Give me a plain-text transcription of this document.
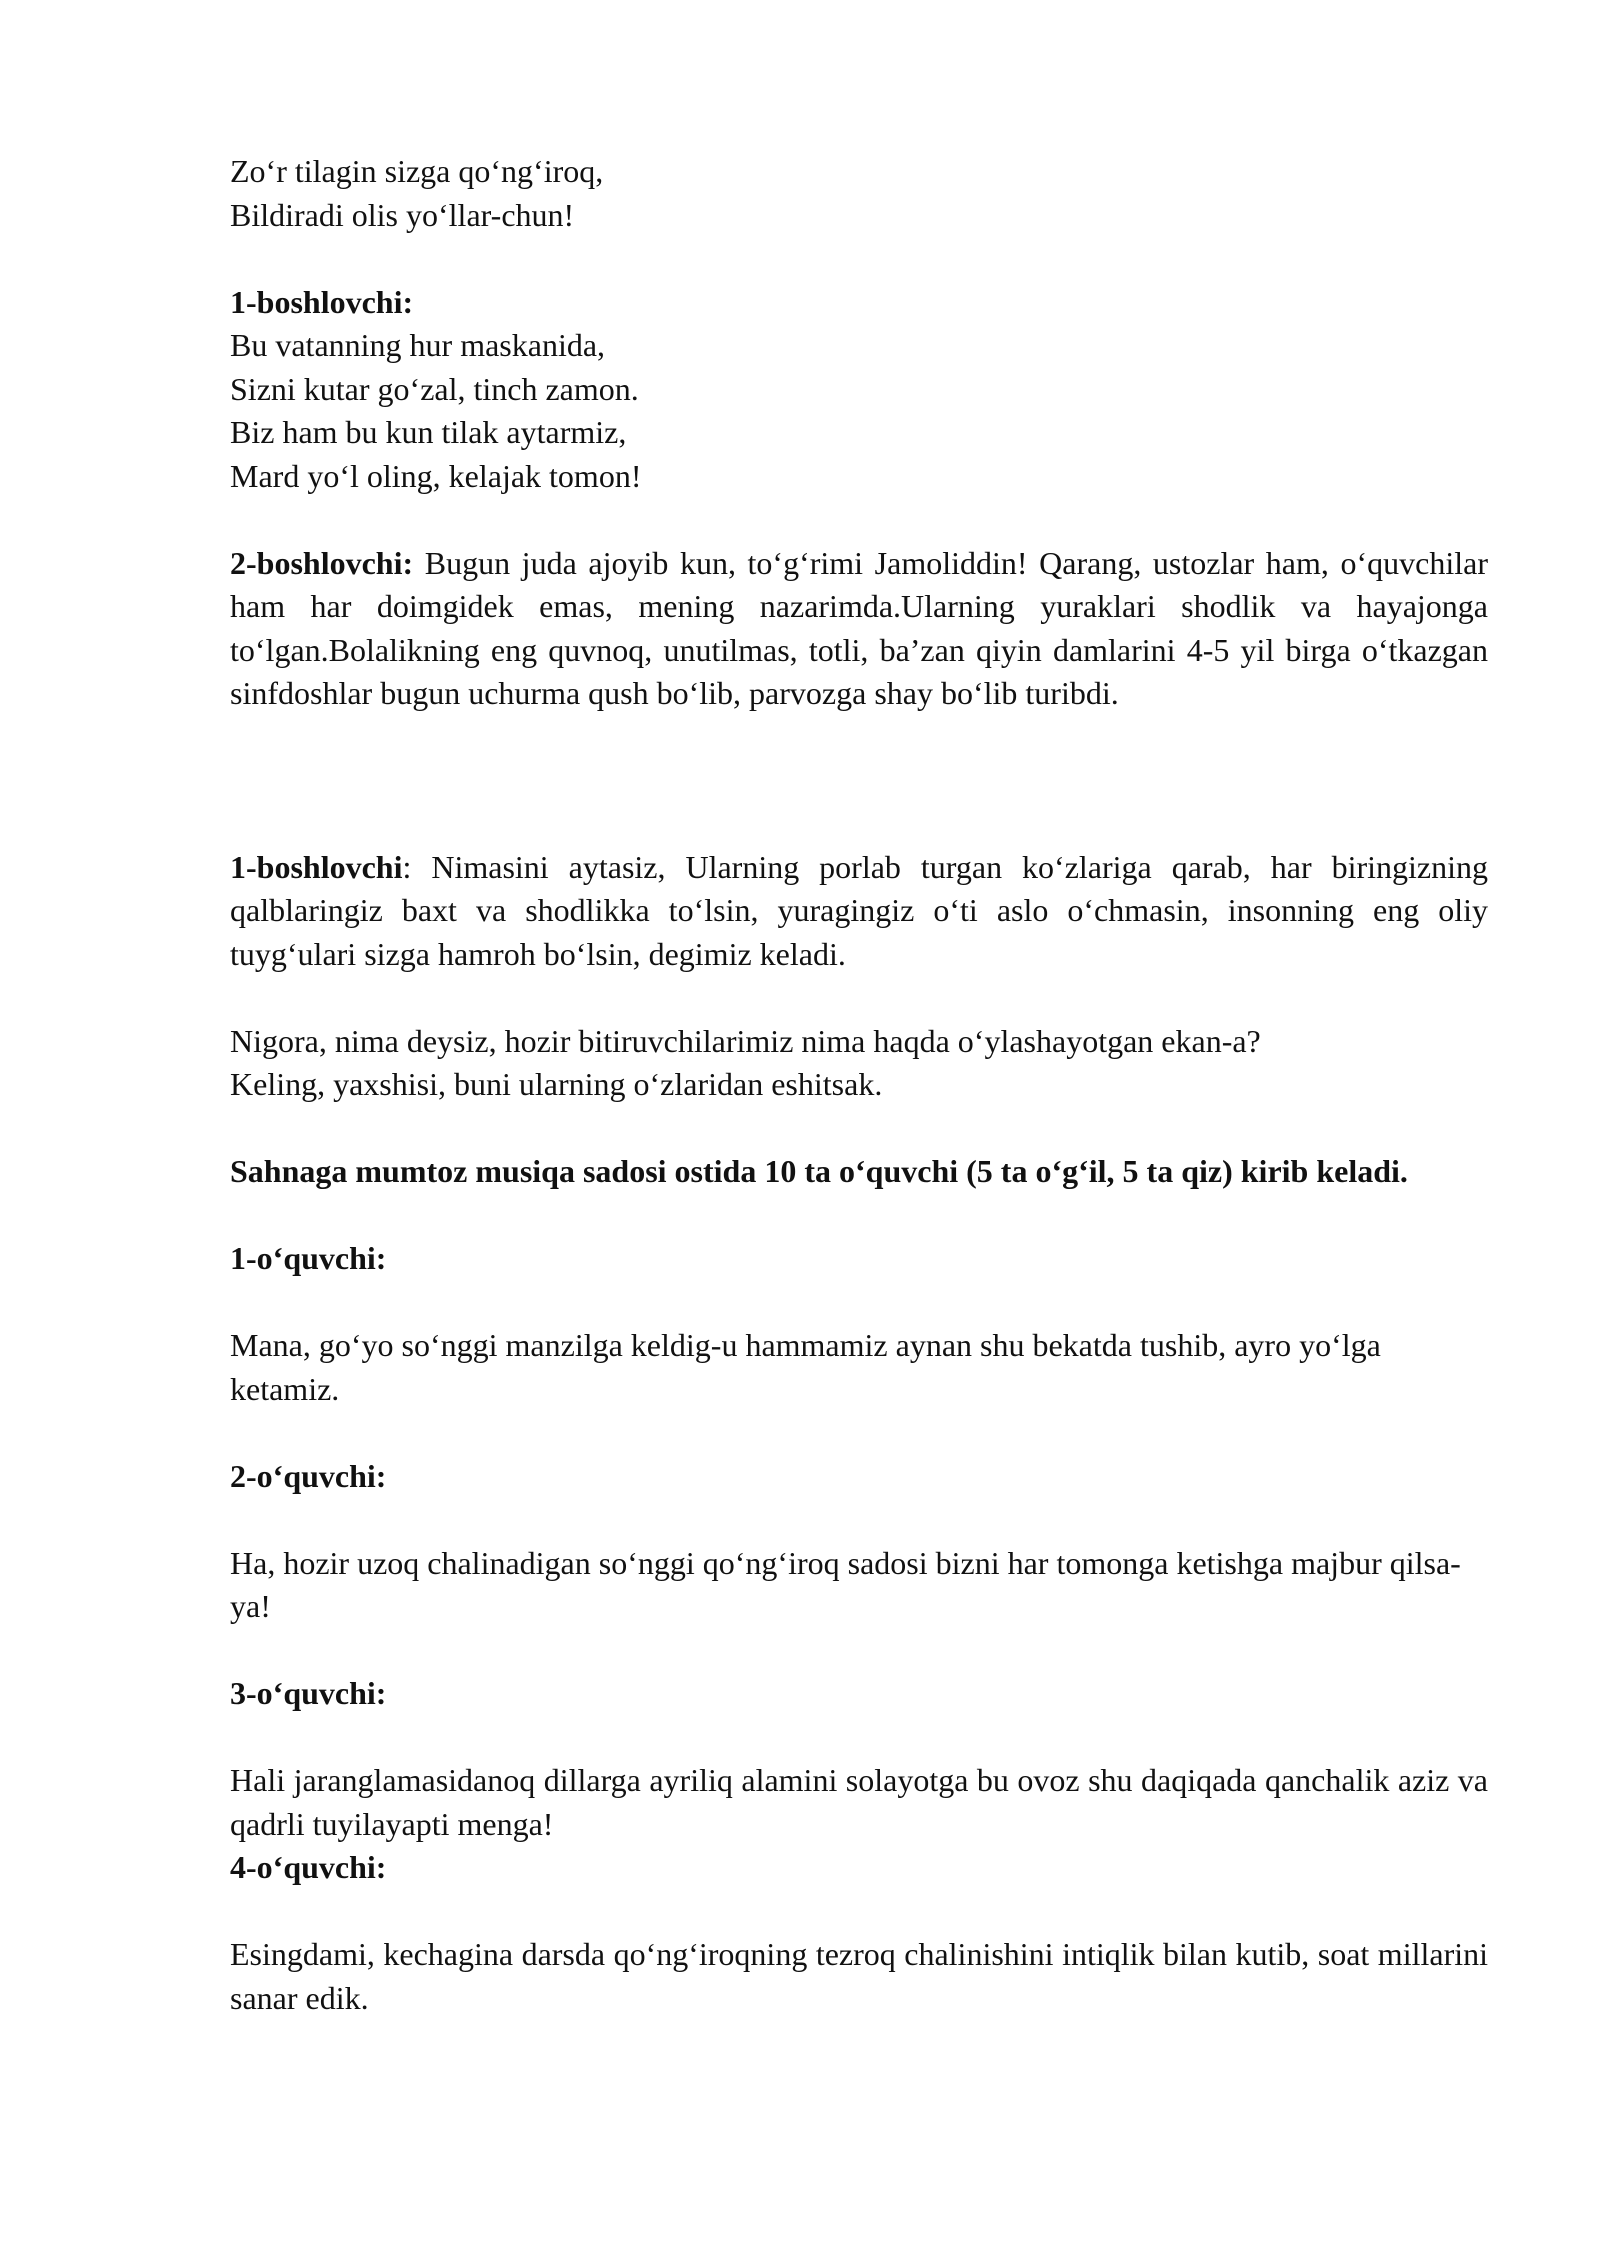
Zo‘r tilagin sizga qo‘ng‘iroq,
Bildiradi olis yo‘llar-chun!

1-boshlovchi:

Bu vatanning hur maskanida,
Sizni kutar go‘zal, tinch zamon.
Biz ham bu kun tilak aytarmiz,
Mard yo‘l oling, kelajak tomon!

2-boshlovchi: Bugun juda ajoyib kun, to‘g‘rimi Jamoliddin! Qarang, ustozlar ham, o‘quvchilar ham har doimgidek emas, mening nazarimda.Ularning yuraklari shodlik va hayajonga to‘lgan.Bolalikning eng quvnoq, unutilmas, totli, ba’zan qiyin damlarini 4-5 yil birga o‘tkazgan sinfdoshlar bugun uchurma qush bo‘lib, parvozga shay bo‘lib turibdi.

1-boshlovchi: Nimasini aytasiz, Ularning porlab turgan ko‘zlariga qarab, har biringizning qalblaringiz baxt va shodlikka to‘lsin, yuragingiz o‘ti aslo o‘chmasin, insonning eng oliy tuyg‘ulari sizga hamroh bo‘lsin, degimiz keladi.

Nigora, nima deysiz, hozir bitiruvchilarimiz nima haqda o‘ylashayotgan ekan-a?
Keling, yaxshisi, buni ularning o‘zlaridan eshitsak.

Sahnaga mumtoz musiqa sadosi ostida 10 ta o‘quvchi (5 ta o‘g‘il, 5 ta qiz) kirib keladi.

1-o‘quvchi:

Mana, go‘yo so‘nggi manzilga keldig-u hammamiz aynan shu bekatda tushib, ayro yo‘lga ketamiz.

2-o‘quvchi:

Ha, hozir uzoq chalinadigan so‘nggi qo‘ng‘iroq sadosi bizni har tomonga ketishga majbur qilsa-ya!

3-o‘quvchi:

Hali jaranglamasidanoq dillarga ayriliq alamini solayotga bu ovoz shu daqiqada qanchalik aziz va qadrli tuyilayapti menga!

4-o‘quvchi:

Esingdami, kechagina darsda qo‘ng‘iroqning tezroq chalinishini intiqlik bilan kutib, soat millarini sanar edik.
